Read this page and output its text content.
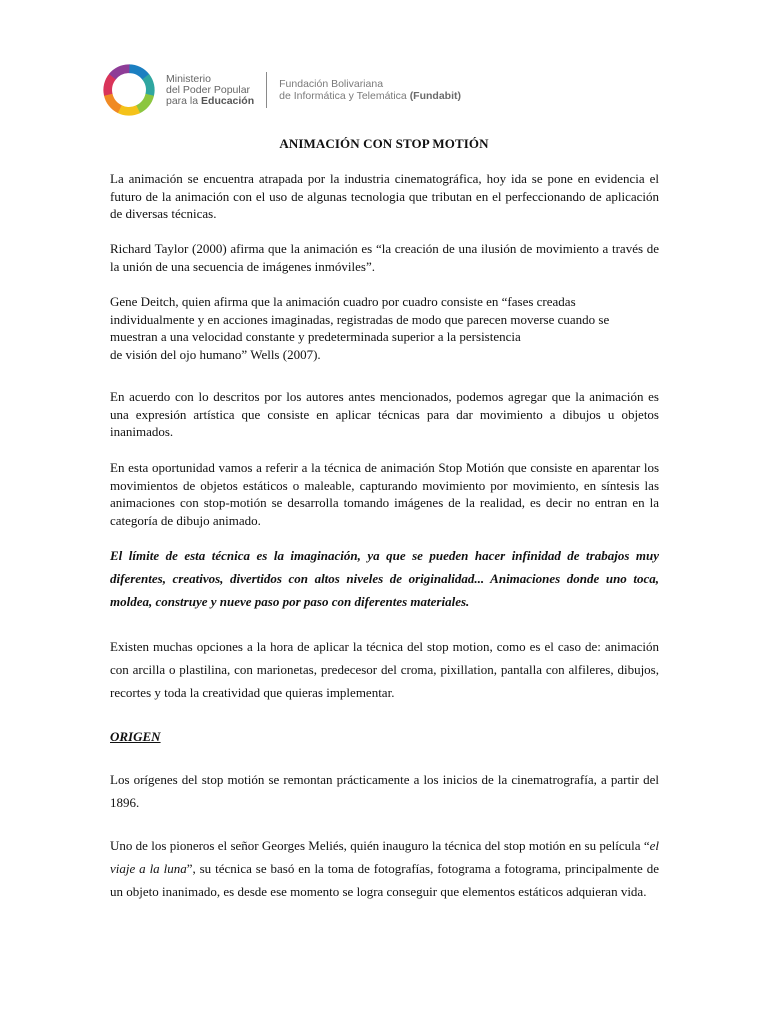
Ministerio
del Poder Popular
para la Educación
Fundación Bolivariana
de Informática y Telemática (Fundabit)
ANIMACIÓN CON STOP MOTIÓN

La animación se encuentra atrapada por la industria cinematográfica, hoy ida se pone en evidencia el futuro de la animación con el uso de algunas tecnologia que tributan en el perfeccionando de aplicación de diversas técnicas.

Richard Taylor (2000) afirma que la animación es “la creación de una ilusión de movimiento a través de la unión de una secuencia de imágenes inmóviles”.

Gene Deitch, quien afirma que la animación cuadro por cuadro consiste en “fases creadas
individualmente y en acciones imaginadas, registradas de modo que parecen moverse cuando se
muestran a una velocidad constante y predeterminada superior a la persistencia
de visión del ojo humano” Wells (2007).

En acuerdo con lo descritos por los autores antes mencionados, podemos agregar que la animación es una expresión artística que consiste en aplicar técnicas para dar movimiento a dibujos u objetos inanimados.

En esta oportunidad vamos a referir a la técnica de animación Stop Motión que consiste en aparentar los movimientos de objetos estáticos o maleable, capturando movimiento por movimiento, en síntesis las animaciones con stop-motión se desarrolla tomando imágenes de la realidad, es decir no entran en la categoría de dibujo animado.

El límite de esta técnica es la imaginación, ya que se pueden hacer infinidad de trabajos muy diferentes, creativos, divertidos con altos niveles de originalidad... Animaciones donde uno toca, moldea, construye y nueve paso por paso con diferentes materiales.

Existen muchas opciones a la hora de aplicar la técnica del stop motion, como es el caso de: animación con arcilla o plastilina, con marionetas, predecesor del croma, pixillation, pantalla con alfileres, dibujos, recortes y toda la creatividad que quieras implementar.

ORIGEN

Los orígenes del stop motión se remontan prácticamente a los inicios de la cinematrografía, a partir del 1896.

Uno de los pioneros el señor Georges Meliés, quién inauguro la técnica del stop motión en su película “el viaje a la luna”, su técnica se basó en la toma de fotografías, fotograma a fotograma, principalmente de un objeto inanimado, es desde ese momento se logra conseguir que elementos estáticos adquieran vida.
